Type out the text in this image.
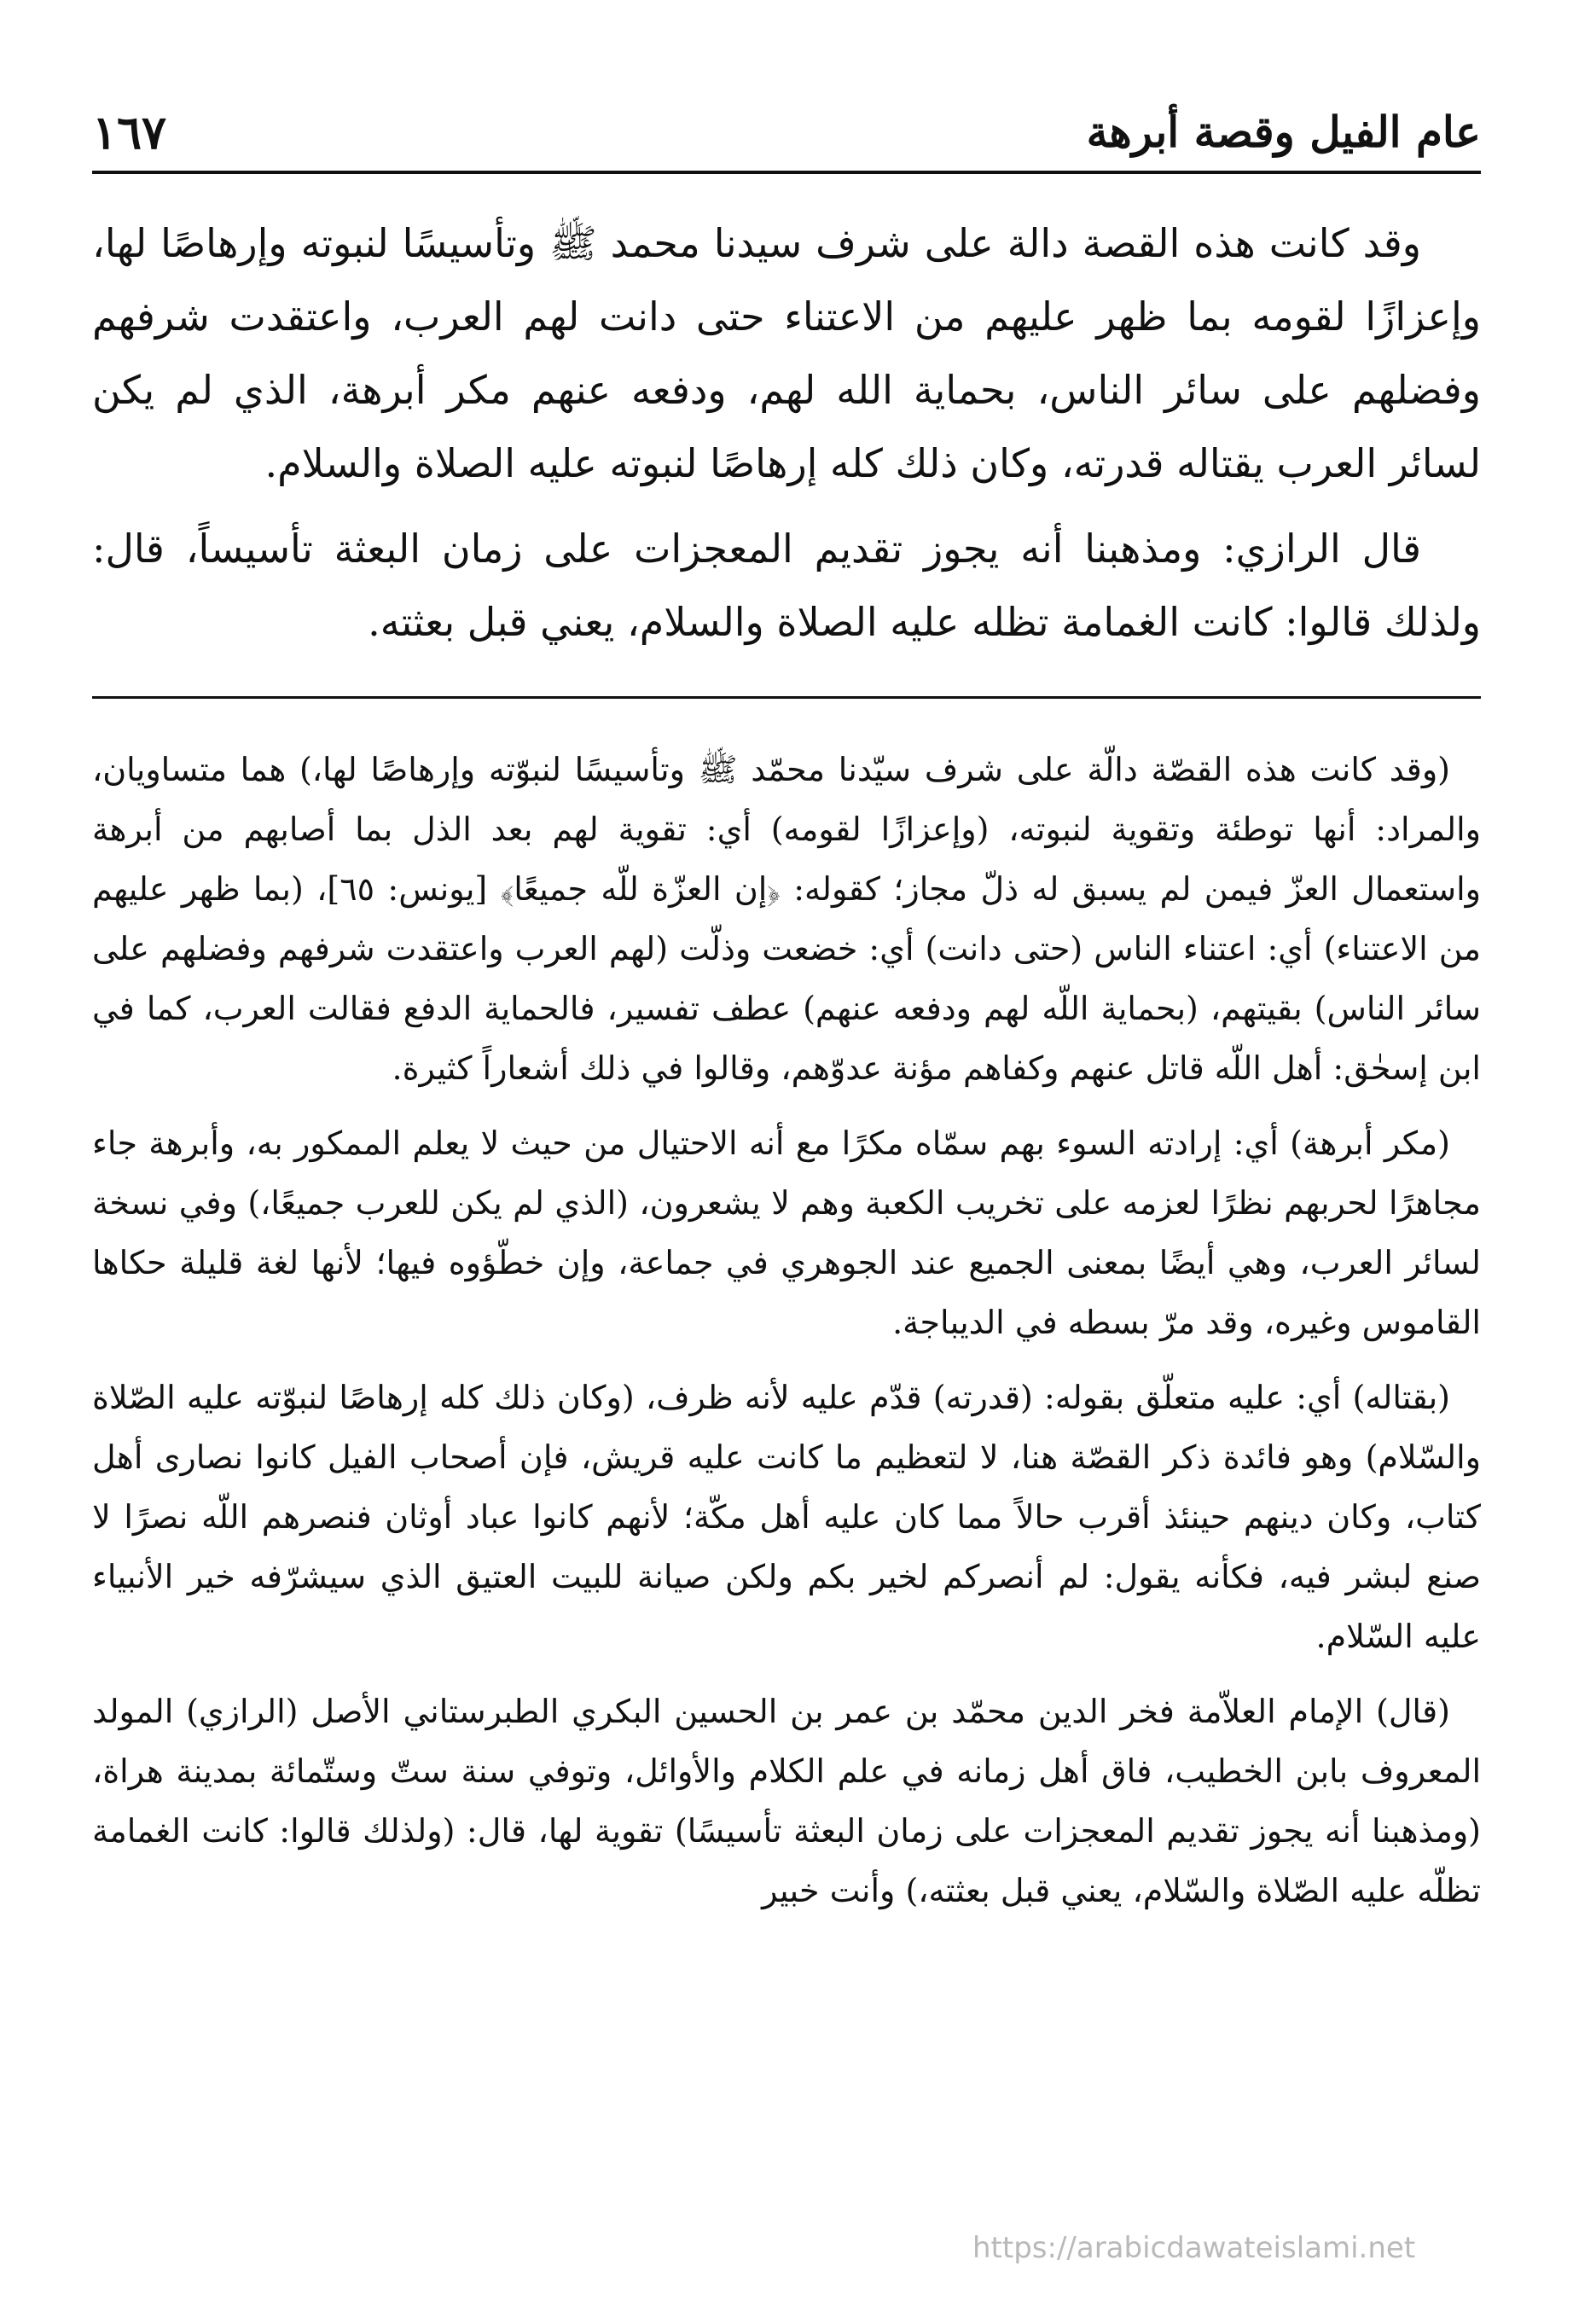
عام الفيل وقصة أبرهة
١٦٧

وقد كانت هذه القصة دالة على شرف سيدنا محمد ﷺ وتأسيسًا لنبوته وإرهاصًا لها، وإعزازًا لقومه بما ظهر عليهم من الاعتناء حتى دانت لهم العرب، واعتقدت شرفهم وفضلهم على سائر الناس، بحماية الله لهم، ودفعه عنهم مكر أبرهة، الذي لم يكن لسائر العرب يقتاله قدرته، وكان ذلك كله إرهاصًا لنبوته عليه الصلاة والسلام.

قال الرازي: ومذهبنا أنه يجوز تقديم المعجزات على زمان البعثة تأسيساً، قال: ولذلك قالوا: كانت الغمامة تظله عليه الصلاة والسلام، يعني قبل بعثته.

(وقد كانت هذه القصّة دالّة على شرف سيّدنا محمّد ﷺ وتأسيسًا لنبوّته وإرهاصًا لها،) هما متساويان، والمراد: أنها توطئة وتقوية لنبوته، (وإعزازًا لقومه) أي: تقوية لهم بعد الذل بما أصابهم من أبرهة واستعمال العزّ فيمن لم يسبق له ذلّ مجاز؛ كقوله: ﴿إن العزّة للّه جميعًا﴾ [يونس: ٦٥]، (بما ظهر عليهم من الاعتناء) أي: اعتناء الناس (حتى دانت) أي: خضعت وذلّت (لهم العرب واعتقدت شرفهم وفضلهم على سائر الناس) بقيتهم، (بحماية اللّه لهم ودفعه عنهم) عطف تفسير، فالحماية الدفع فقالت العرب، كما في ابن إسحٰق: أهل اللّه قاتل عنهم وكفاهم مؤنة عدوّهم، وقالوا في ذلك أشعاراً كثيرة.

(مكر أبرهة) أي: إرادته السوء بهم سمّاه مكرًا مع أنه الاحتيال من حيث لا يعلم الممكور به، وأبرهة جاء مجاهرًا لحربهم نظرًا لعزمه على تخريب الكعبة وهم لا يشعرون، (الذي لم يكن للعرب جميعًا،) وفي نسخة لسائر العرب، وهي أيضًا بمعنى الجميع عند الجوهري في جماعة، وإن خطّؤوه فيها؛ لأنها لغة قليلة حكاها القاموس وغيره، وقد مرّ بسطه في الديباجة.

(بقتاله) أي: عليه متعلّق بقوله: (قدرته) قدّم عليه لأنه ظرف، (وكان ذلك كله إرهاصًا لنبوّته عليه الصّلاة والسّلام) وهو فائدة ذكر القصّة هنا، لا لتعظيم ما كانت عليه قريش، فإن أصحاب الفيل كانوا نصارى أهل كتاب، وكان دينهم حينئذ أقرب حالاً مما كان عليه أهل مكّة؛ لأنهم كانوا عباد أوثان فنصرهم اللّه نصرًا لا صنع لبشر فيه، فكأنه يقول: لم أنصركم لخير بكم ولكن صيانة للبيت العتيق الذي سيشرّفه خير الأنبياء عليه السّلام.

(قال) الإمام العلاّمة فخر الدين محمّد بن عمر بن الحسين البكري الطبرستاني الأصل (الرازي) المولد المعروف بابن الخطيب، فاق أهل زمانه في علم الكلام والأوائل، وتوفي سنة ستّ وستّمائة بمدينة هراة، (ومذهبنا أنه يجوز تقديم المعجزات على زمان البعثة تأسيسًا) تقوية لها، قال: (ولذلك قالوا: كانت الغمامة تظلّه عليه الصّلاة والسّلام، يعني قبل بعثته،) وأنت خبير

https://arabicdawateislami.net
